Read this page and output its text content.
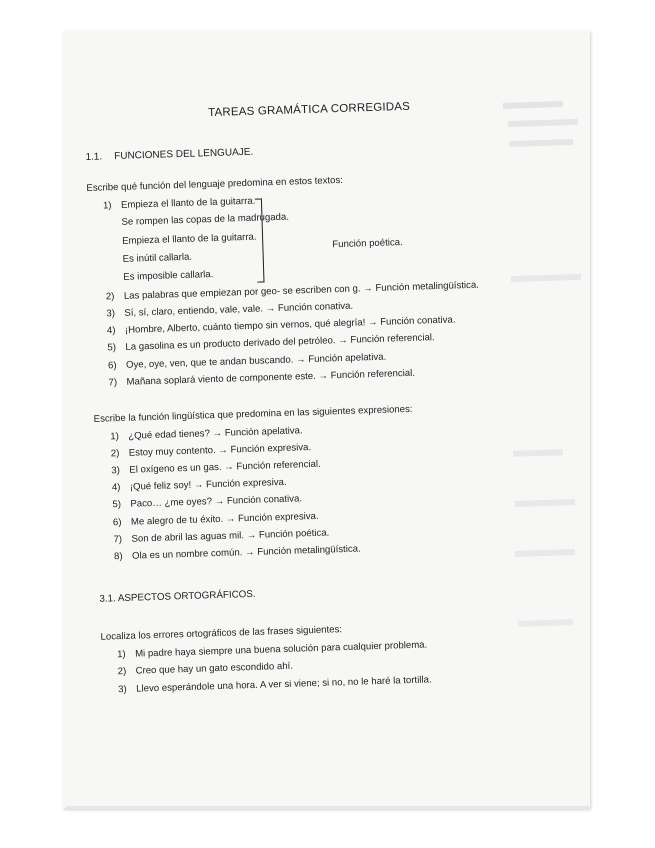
TAREAS GRAMÁTICA CORREGIDAS
1.1. FUNCIONES DEL LENGUAJE.
Escribe qué función del lenguaje predomina en estos textos:
1) Empieza el llanto de la guitarra.
Se rompen las copas de la madrugada.
Empieza el llanto de la guitarra.
Es inútil callarla.
Es imposible callarla.
Función poética.
2) Las palabras que empiezan por geo- se escriben con g. → Función metalingüística.
3) Sí, sí, claro, entiendo, vale, vale. → Función conativa.
4) ¡Hombre, Alberto, cuánto tiempo sin vernos, qué alegría! → Función conativa.
5) La gasolina es un producto derivado del petróleo. → Función referencial.
6) Oye, oye, ven, que te andan buscando. → Función apelativa.
7) Mañana soplará viento de componente este. → Función referencial.
Escribe la función lingüística que predomina en las siguientes expresiones:
1) ¿Qué edad tienes? → Función apelativa.
2) Estoy muy contento. → Función expresiva.
3) El oxígeno es un gas. → Función referencial.
4) ¡Qué feliz soy! → Función expresiva.
5) Paco… ¿me oyes? → Función conativa.
6) Me alegro de tu éxito. → Función expresiva.
7) Son de abril las aguas mil. → Función poética.
8) Ola es un nombre común. → Función metalingüística.
3.1. ASPECTOS ORTOGRÁFICOS.
Localiza los errores ortográficos de las frases siguientes:
1) Mi padre haya siempre una buena solución para cualquier problema.
2) Creo que hay un gato escondido ahí.
3) Llevo esperándole una hora. A ver si viene; si no, no le haré la tortilla.
